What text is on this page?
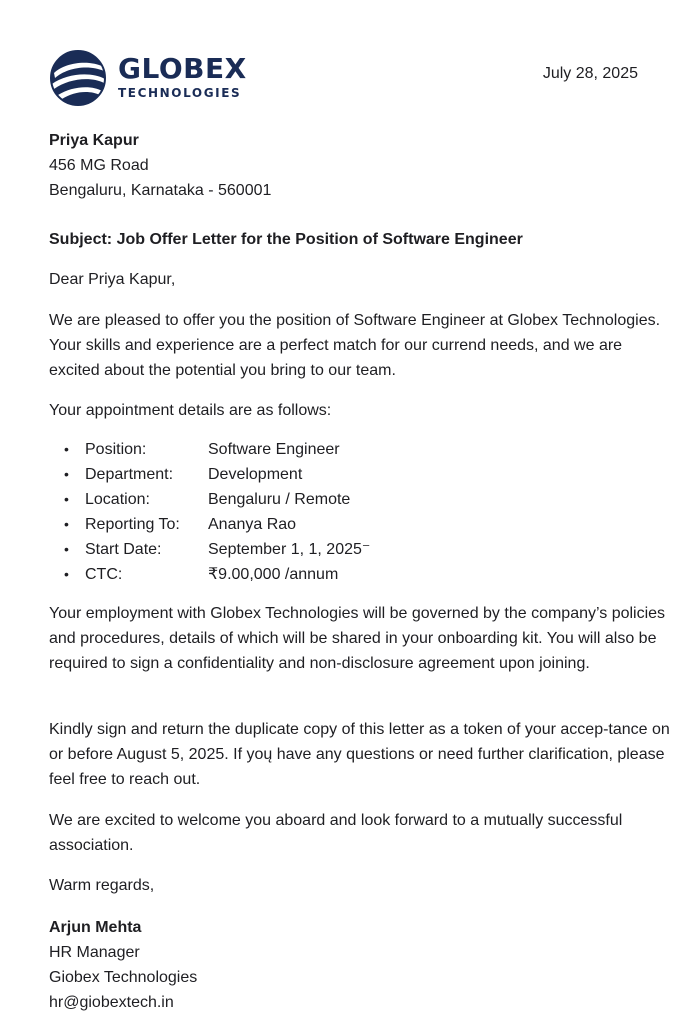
GLOBEX
TECHNOLOGIES
July 28, 2025

Priya Kapur

456 MG Road

Bengaluru, Karnataka - 560001

Subject: Job Offer Letter for the Position of Software Engineer
Dear Priya Kapur,
We are pleased to offer you the position of Software Engineer at Globex Technologies. Your skills and experience are a perfect match for our currend needs, and we are excited about the potential you bring to our team.
Your appointment details are as follows:
•	Position:	Software Engineer
•	Department:	Development
•	Location:	Bengaluru / Remote
•	Reporting To:	Ananya Rao
•	Start Date:	September 1, 1, 2025⁻
•	CTC:	₹9.00,000 /annum
Your employment with Globex Technologies will be governed by the company’s policies and procedures, details of which will be shared in your onboarding kit. You will also be required to sign a confidentiality and non-disclosure agreement upon joining.
Kindly sign and return the duplicate copy of this letter as a token of your accep-tance on or before August 5, 2025. If yoų have any questions or need further clarification, please feel free to reach out.
We are excited to welcome you aboard and look forward to a mutually successful association.
Warm regards,

Arjun Mehta

HR Manager

Giobex Technologies

hr@giobextech.in
